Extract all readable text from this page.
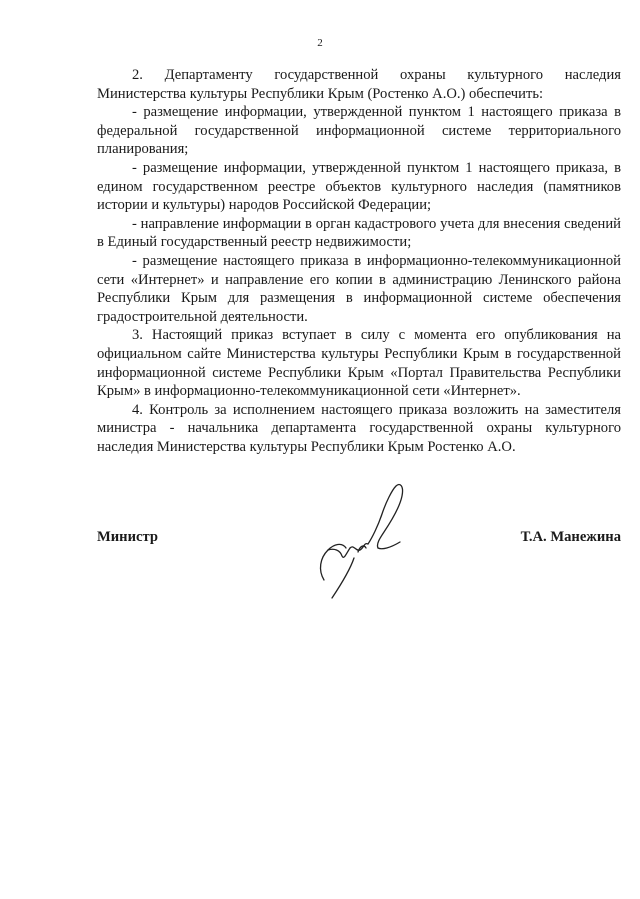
2

2. Департаменту государственной охраны культурного наследия Министерства культуры Республики Крым (Ростенко А.О.) обеспечить:

- размещение информации, утвержденной пунктом 1 настоящего приказа в федеральной государственной информационной системе территориального планирования;

- размещение информации, утвержденной пунктом 1 настоящего приказа, в едином государственном реестре объектов культурного наследия (памятников истории и культуры) народов Российской Федерации;

- направление информации в орган кадастрового учета для внесения сведений в Единый государственный реестр недвижимости;

- размещение настоящего приказа в информационно-телекоммуникационной сети «Интернет» и направление его копии в администрацию Ленинского района Республики Крым для размещения в информационной системе обеспечения градостроительной деятельности.

3. Настоящий приказ вступает в силу с момента его опубликования на официальном сайте Министерства культуры Республики Крым в государственной информационной системе Республики Крым «Портал Правительства Республики Крым» в информационно-телекоммуникационной сети «Интернет».

4. Контроль за исполнением настоящего приказа возложить на заместителя министра - начальника департамента государственной охраны культурного наследия Министерства культуры Республики Крым Ростенко А.О.

Министр	Т.А. Манежина
